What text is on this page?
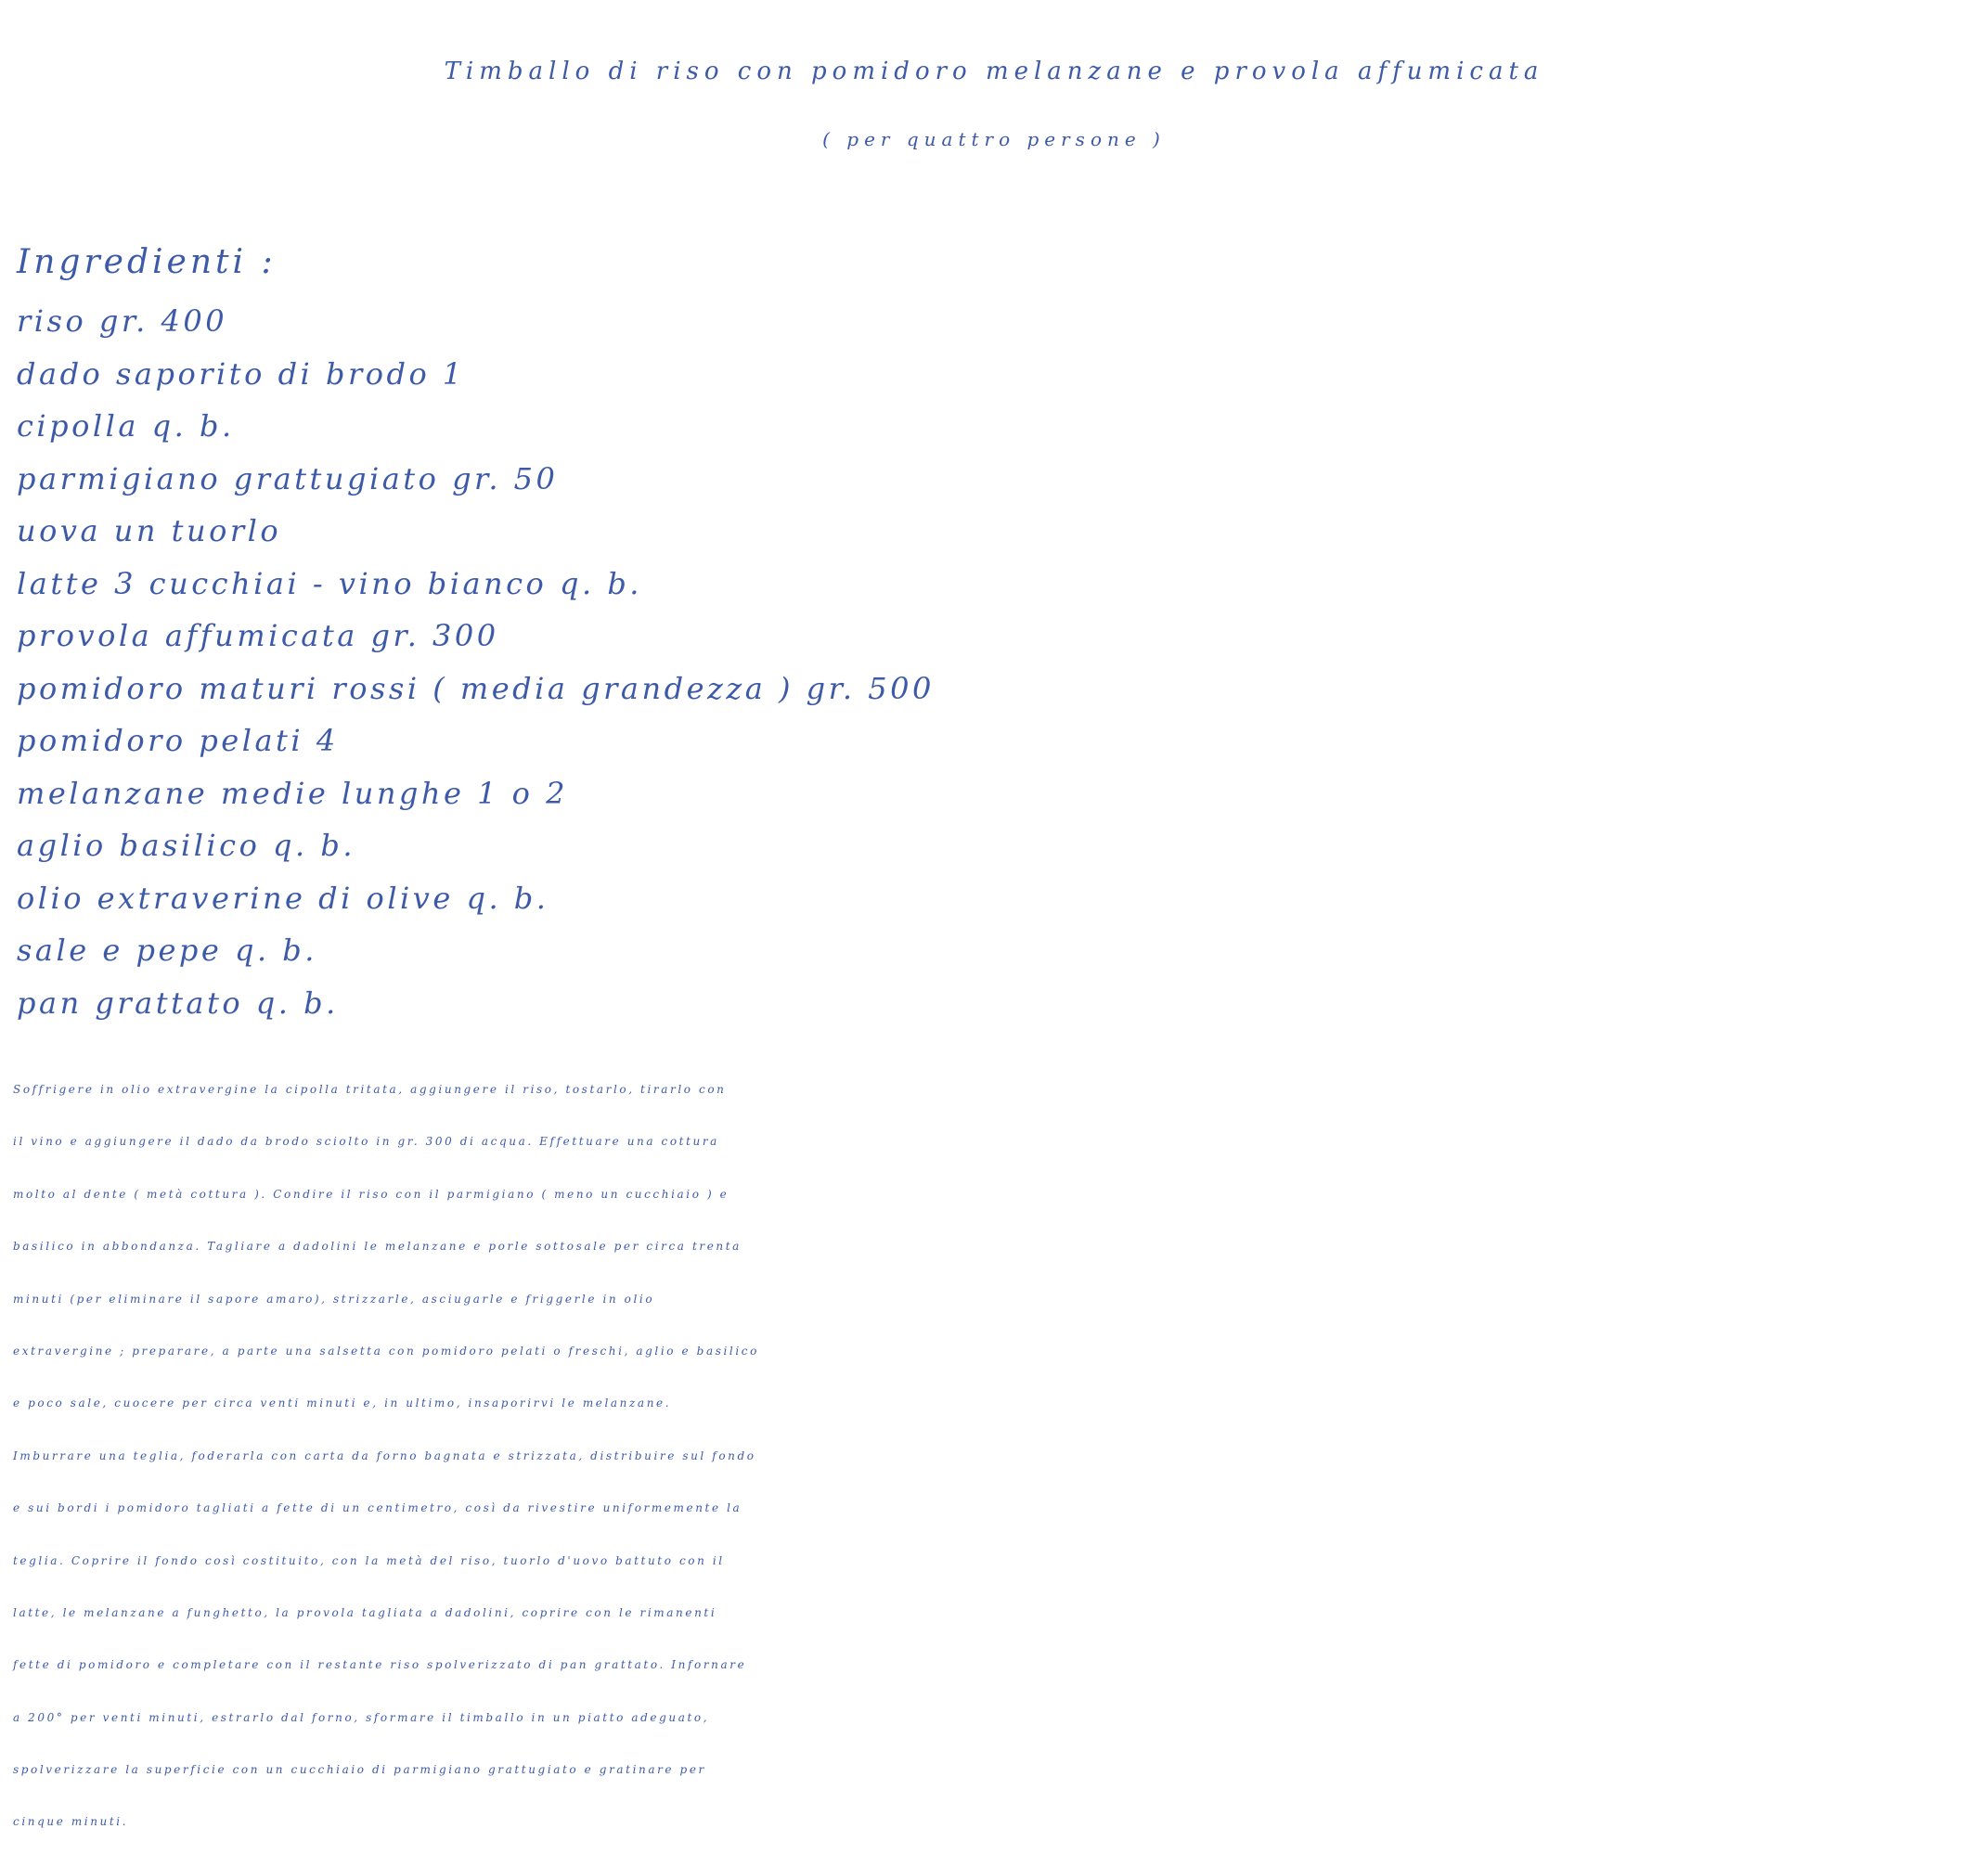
Timballo di riso con pomidoro melanzane e provola affumicata
( per quattro persone )
Ingredienti :
riso gr. 400
dado saporito di brodo 1
cipolla q. b.
parmigiano grattugiato gr. 50
uova un tuorlo
latte 3 cucchiai - vino bianco q. b.
provola affumicata gr. 300
pomidoro maturi rossi ( media grandezza ) gr. 500
pomidoro pelati 4
melanzane medie lunghe 1 o 2
aglio basilico q. b.
olio extraverine di olive q. b.
sale e pepe q. b.
pan grattato q. b.
Soffrigere in olio extravergine la cipolla tritata, aggiungere il riso, tostarlo, tirarlo con
il vino e aggiungere il dado da brodo sciolto in gr. 300 di acqua. Effettuare una cottura
molto al dente ( metà cottura ). Condire il riso con il parmigiano ( meno un cucchiaio ) e
basilico in abbondanza. Tagliare a dadolini le melanzane e porle sottosale per circa trenta
minuti (per eliminare il sapore amaro), strizzarle, asciugarle e friggerle in olio
extravergine ; preparare, a parte una salsetta con pomidoro pelati o freschi, aglio e basilico
e poco sale, cuocere per circa venti minuti e, in ultimo, insaporirvi le melanzane.
Imburrare una teglia, foderarla con carta da forno bagnata e strizzata, distribuire sul fondo
e sui bordi i pomidoro tagliati a fette di un centimetro, così da rivestire uniformemente la
teglia. Coprire il fondo così costituito, con la metà del riso, tuorlo d'uovo battuto con il
latte, le melanzane a funghetto, la provola tagliata a dadolini, coprire con le rimanenti
fette di pomidoro e completare con il restante riso spolverizzato di pan grattato. Infornare
a 200° per venti minuti, estrarlo dal forno, sformare il timballo in un piatto adeguato,
spolverizzare la superficie con un cucchiaio di parmigiano grattugiato e gratinare per
cinque minuti.
